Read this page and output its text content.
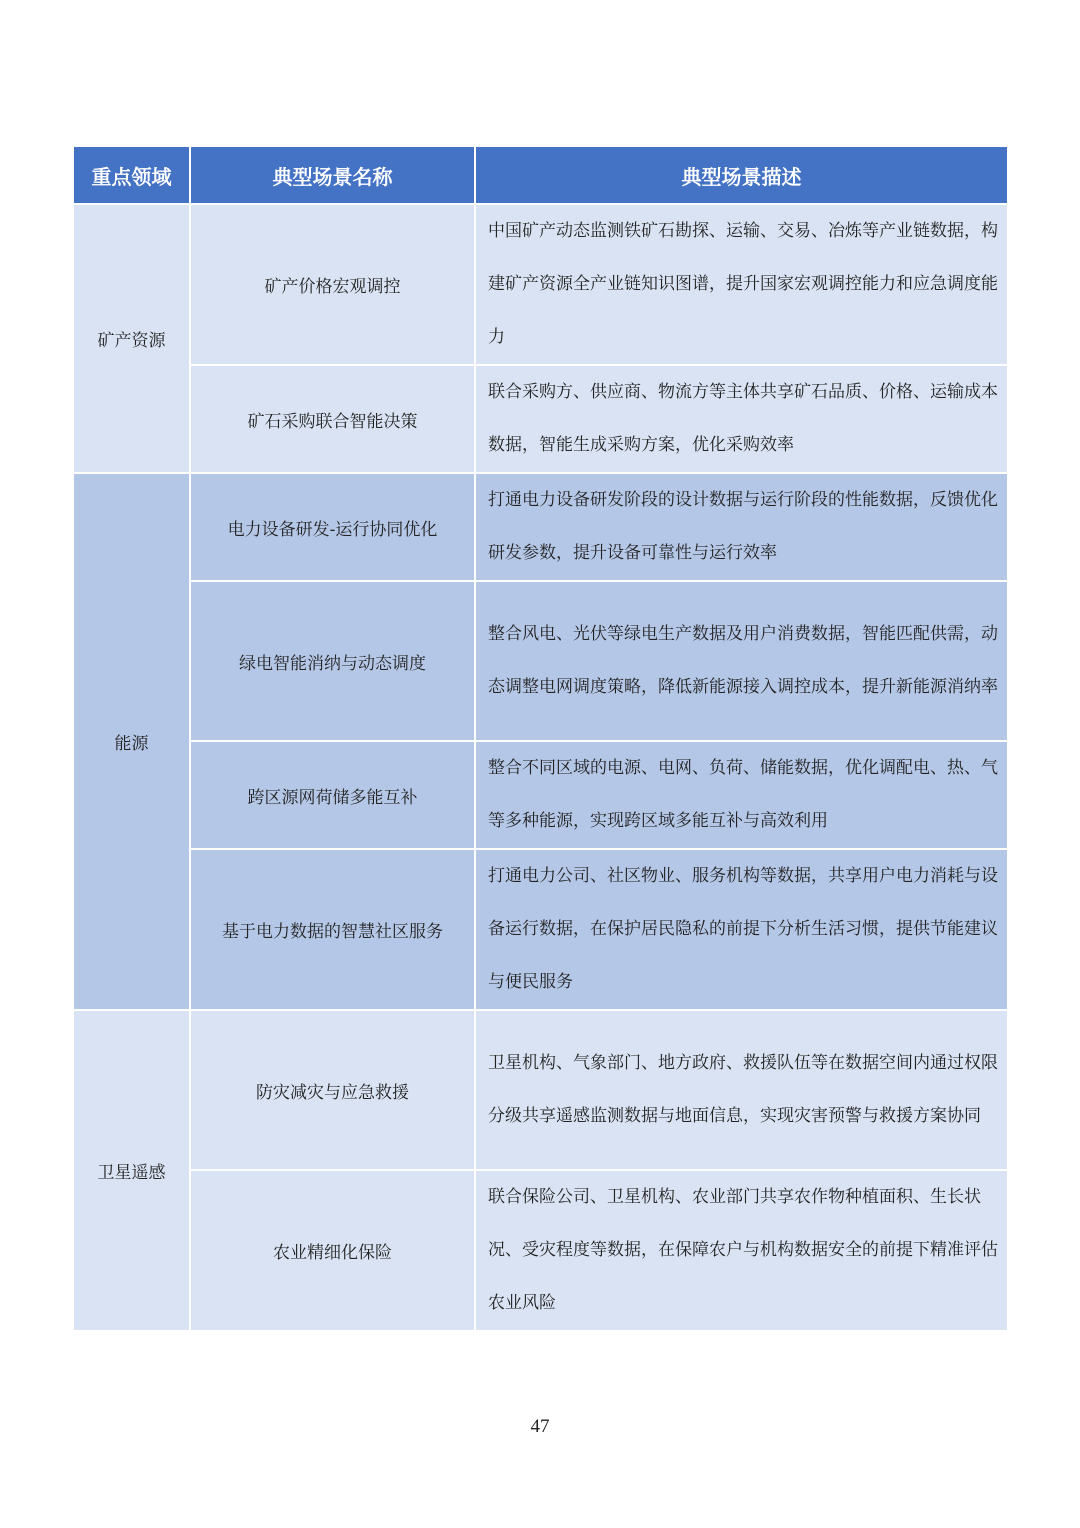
重点领域	典型场景名称	典型场景描述
矿产资源	矿产价格宏观调控	中国矿产动态监测铁矿石勘探、运输、交易、冶炼等产业链数据，构建矿产资源全产业链知识图谱，提升国家宏观调控能力和应急调度能力
	矿石采购联合智能决策	联合采购方、供应商、物流方等主体共享矿石品质、价格、运输成本数据，智能生成采购方案，优化采购效率
能源	电力设备研发-运行协同优化	打通电力设备研发阶段的设计数据与运行阶段的性能数据，反馈优化研发参数，提升设备可靠性与运行效率
	绿电智能消纳与动态调度	整合风电、光伏等绿电生产数据及用户消费数据，智能匹配供需，动态调整电网调度策略，降低新能源接入调控成本，提升新能源消纳率
	跨区源网荷储多能互补	整合不同区域的电源、电网、负荷、储能数据，优化调配电、热、气等多种能源，实现跨区域多能互补与高效利用
	基于电力数据的智慧社区服务	打通电力公司、社区物业、服务机构等数据，共享用户电力消耗与设备运行数据，在保护居民隐私的前提下分析生活习惯，提供节能建议与便民服务
卫星遥感	防灾减灾与应急救援	卫星机构、气象部门、地方政府、救援队伍等在数据空间内通过权限分级共享遥感监测数据与地面信息，实现灾害预警与救援方案协同
	农业精细化保险	联合保险公司、卫星机构、农业部门共享农作物种植面积、生长状况、受灾程度等数据，在保障农户与机构数据安全的前提下精准评估农业风险
47
